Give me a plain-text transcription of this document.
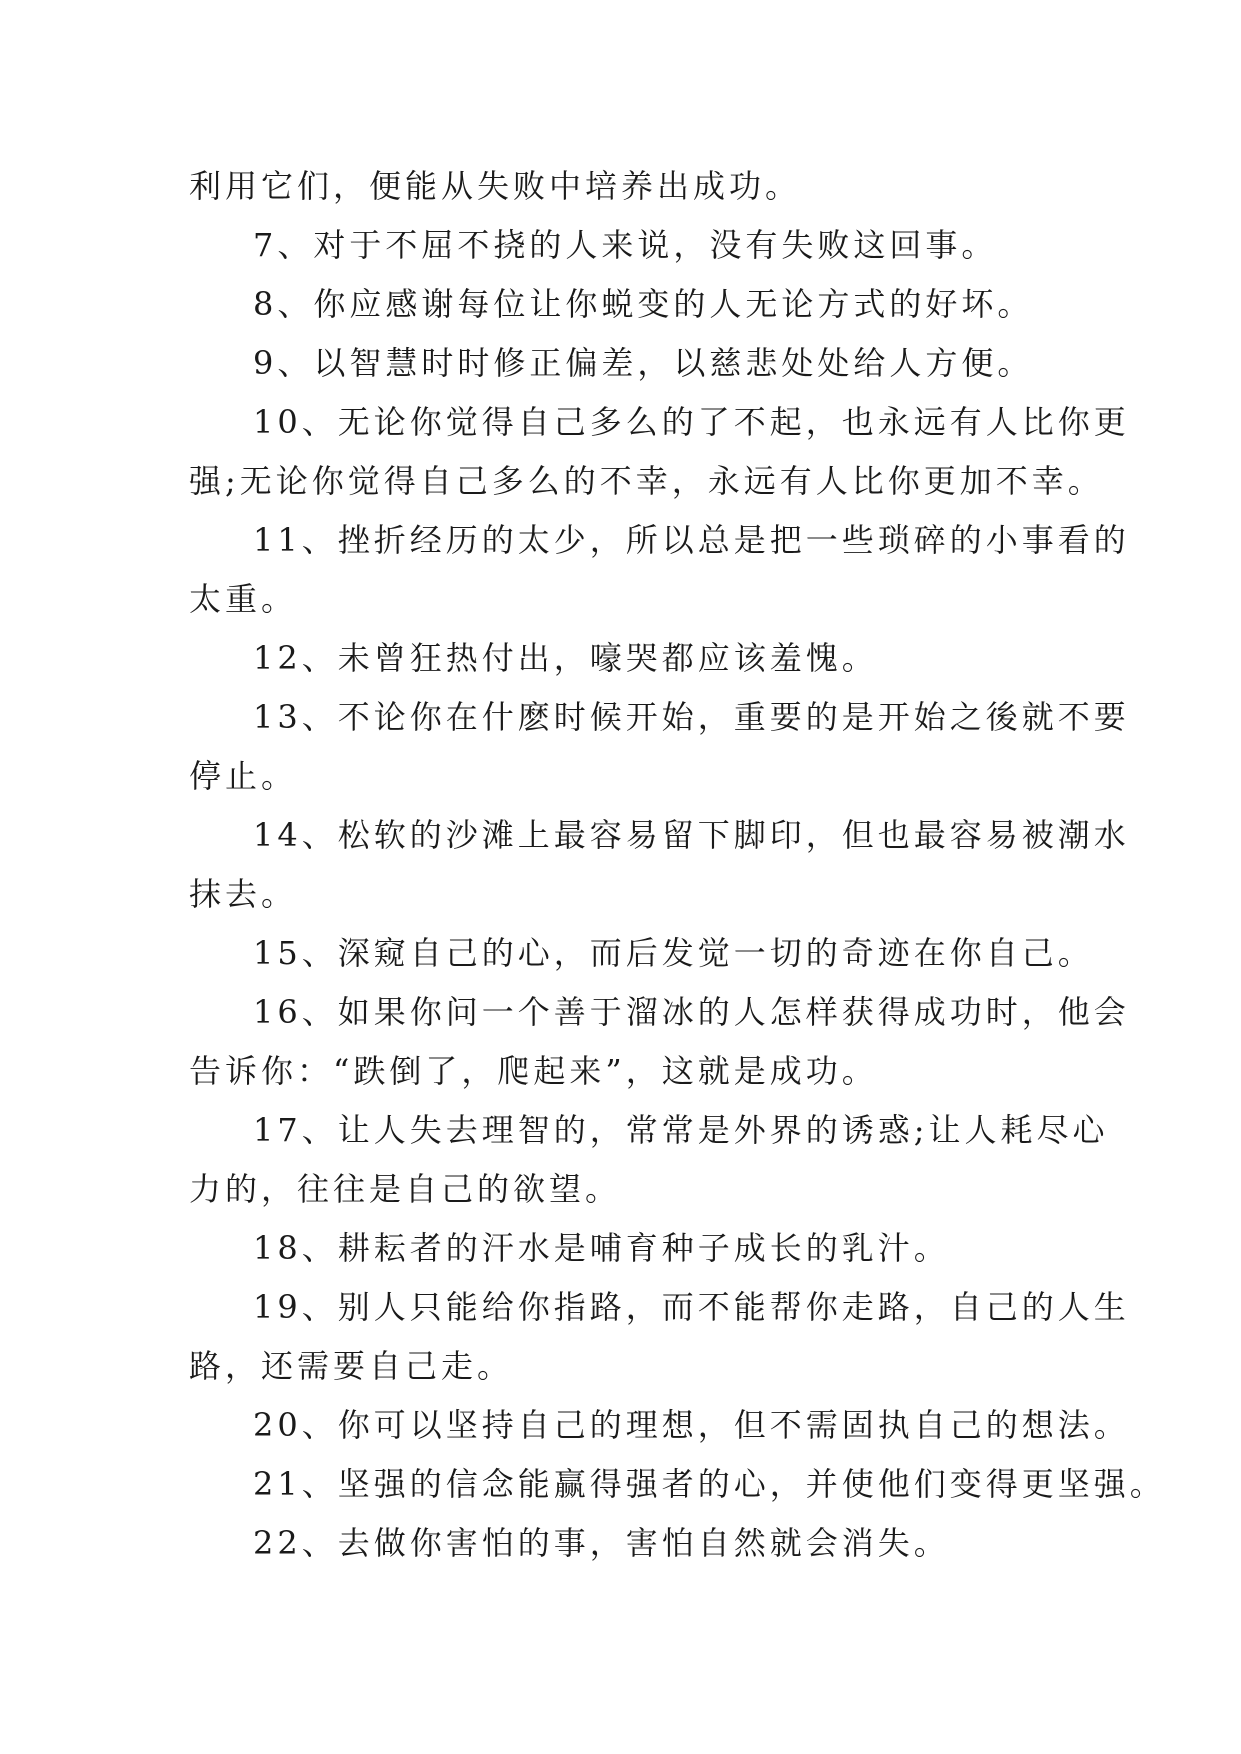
利用它们，便能从失败中培养出成功。
7、对于不屈不挠的人来说，没有失败这回事。
8、你应感谢每位让你蜕变的人无论方式的好坏。
9、以智慧时时修正偏差，以慈悲处处给人方便。
10、无论你觉得自己多么的了不起，也永远有人比你更
强;无论你觉得自己多么的不幸，永远有人比你更加不幸。
11、挫折经历的太少，所以总是把一些琐碎的小事看的
太重。
12、未曾狂热付出，嚎哭都应该羞愧。
13、不论你在什麽时候开始，重要的是开始之後就不要
停止。
14、松软的沙滩上最容易留下脚印，但也最容易被潮水
抹去。
15、深窥自己的心，而后发觉一切的奇迹在你自己。
16、如果你问一个善于溜冰的人怎样获得成功时，他会
告诉你：“跌倒了，爬起来”，这就是成功。
17、让人失去理智的，常常是外界的诱惑;让人耗尽心
力的，往往是自己的欲望。
18、耕耘者的汗水是哺育种子成长的乳汁。
19、别人只能给你指路，而不能帮你走路，自己的人生
路，还需要自己走。
20、你可以坚持自己的理想，但不需固执自己的想法。
21、坚强的信念能赢得强者的心，并使他们变得更坚强。
22、去做你害怕的事，害怕自然就会消失。
